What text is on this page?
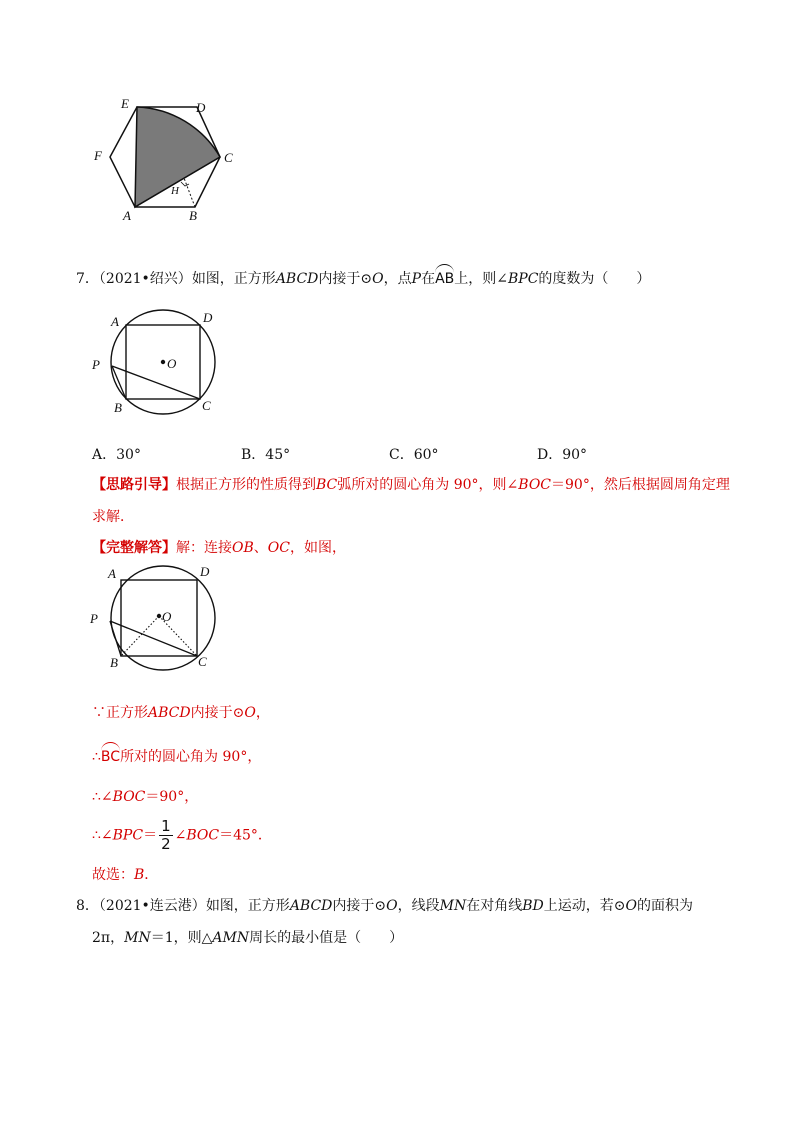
E	D
F	C
H
A	B
7．（2021•绍兴）如图，正方形ABCD内接于⊙O，点P在AB上，则∠BPC的度数为（　　）
A	D
P	O
B	C
A．30°	B．45°	C．60°	D．90°
【思路引导】根据正方形的性质得到BC弧所对的圆心角为 90°，则∠BOC＝90°，然后根据圆周角定理
求解．
【完整解答】解：连接OB、OC，如图，
A	D
P	O
B	C
∵正方形ABCD内接于⊙O，
∴BC所对的圆心角为 90°，
∴∠BOC＝90°，
∴∠BPC＝ $\frac{1}{2}$ ∠BOC＝45°．
故选：B．
8．（2021•连云港）如图，正方形ABCD内接于⊙O，线段MN在对角线BD上运动，若⊙O的面积为
2π，MN＝1，则△AMN周长的最小值是（　　）
